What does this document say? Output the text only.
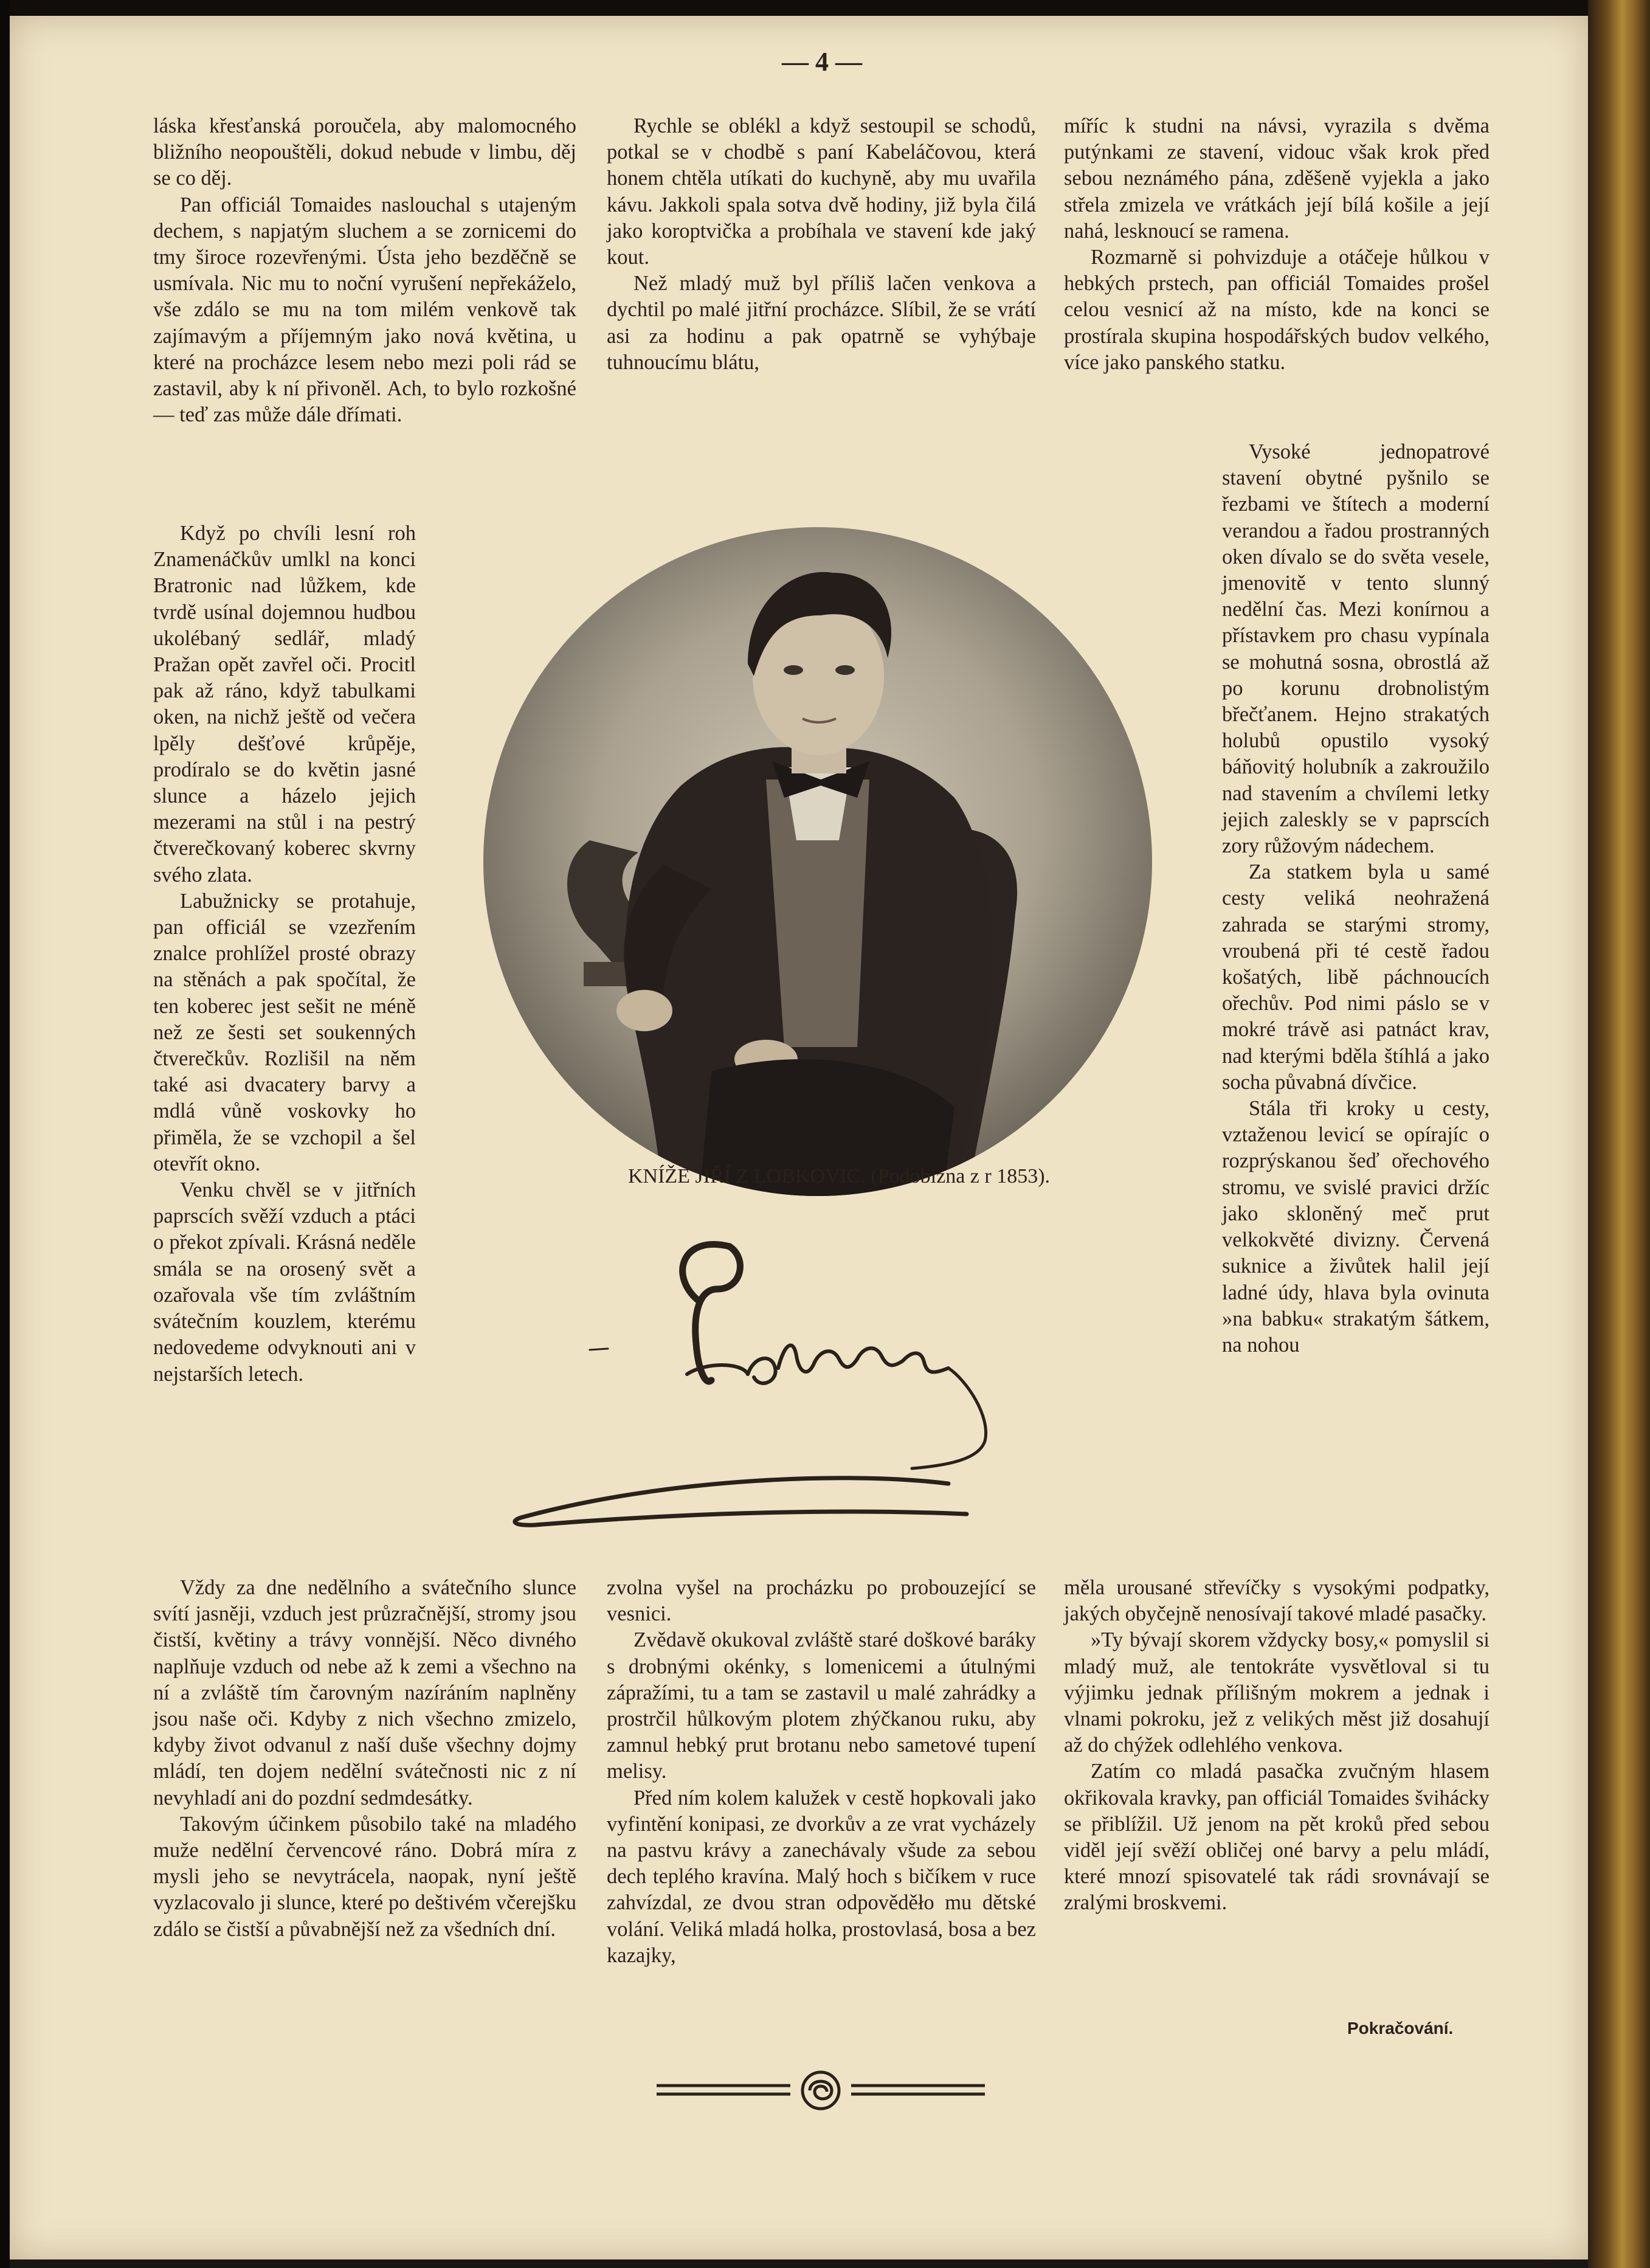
— 4 —

láska křesťanská poroučela, aby malomocného bližního neopouštěli, dokud nebude v limbu, děj se co děj.

Pan officiál Tomaides naslouchal s utajeným dechem, s napjatým sluchem a se zornicemi do tmy široce rozevřenými. Ústa jeho bezděčně se usmívala. Nic mu to noční vyrušení nepřekáželo, vše zdálo se mu na tom milém venkově tak zajímavým a příjemným jako nová květina, u které na procházce lesem nebo mezi poli rád se zastavil, aby k ní přivoněl. Ach, to bylo rozkošné — teď zas může dále dřímati.

Když po chvíli lesní roh Znamenáčkův umlkl na konci Bratronic nad lůžkem, kde tvrdě usínal dojemnou hudbou ukolébaný sedlář, mladý Pražan opět zavřel oči. Procitl pak až ráno, když tabulkami oken, na nichž ještě od večera lpěly dešťové krůpěje, prodíralo se do květin jasné slunce a házelo jejich mezerami na stůl i na pestrý čtverečkovaný koberec skvrny svého zlata.

Labužnicky se protahuje, pan officiál se vzezřením znalce prohlížel prosté obrazy na stěnách a pak spočítal, že ten koberec jest sešit ne méně než ze šesti set soukenných čtverečkův. Rozlišil na něm také asi dvacatery barvy a mdlá vůně voskovky ho přiměla, že se vzchopil a šel otevřít okno.

Venku chvěl se v jitřních paprscích svěží vzduch a ptáci o překot zpívali. Krásná neděle smála se na orosený svět a ozařovala vše tím zvláštním svátečním kouzlem, kterému nedovedeme odvyknouti ani v nejstarších letech.

Vždy za dne nedělního a svátečního slunce svítí jasněji, vzduch jest průzračnější, stromy jsou čistší, květiny a trávy vonnější. Něco divného naplňuje vzduch od nebe až k zemi a všechno na ní a zvláště tím čarovným nazíráním naplněny jsou naše oči. Kdyby z nich všechno zmizelo, kdyby život odvanul z naší duše všechny dojmy mládí, ten dojem nedělní svátečnosti nic z ní nevyhladí ani do pozdní sedmdesátky.

Takovým účinkem působilo také na mladého muže nedělní červencové ráno. Dobrá míra z mysli jeho se nevytrácela, naopak, nyní ještě vyzlacovalo ji slunce, které po deštivém včerejšku zdálo se čistší a půvabnější než za všedních dní.

Rychle se oblékl a když sestoupil se schodů, potkal se v chodbě s paní Kabeláčovou, která honem chtěla utíkati do kuchyně, aby mu uvařila kávu. Jakkoli spala sotva dvě hodiny, již byla čilá jako koroptvička a probíhala ve stavení kde jaký kout.

Než mladý muž byl příliš lačen venkova a dychtil po malé jitřní procházce. Slíbil, že se vrátí asi za hodinu a pak opatrně se vyhýbaje tuhnoucímu blátu,

zvolna vyšel na procházku po probouzející se vesnici.

Zvědavě okukoval zvláště staré doškové baráky s drobnými okénky, s lomenicemi a útulnými zápražími, tu a tam se zastavil u malé zahrádky a prostrčil hůlkovým plotem zhýčkanou ruku, aby zamnul hebký prut brotanu nebo sametové tupení melisy.

Před ním kolem kalužek v cestě hopkovali jako vyfintění konipasi, ze dvorkův a ze vrat vycházely na pastvu krávy a zanechávaly všude za sebou dech teplého kravína. Malý hoch s bičíkem v ruce zahvízdal, ze dvou stran odpověděło mu dětské volání. Veliká mladá holka, prostovlasá, bosa a bez kazajky,

míříc k studni na návsi, vyrazila s dvěma putýnkami ze stavení, vidouc však krok před sebou neznámého pána, zděšeně vyjekla a jako střela zmizela ve vrátkách její bílá košile a její nahá, lesknoucí se ramena.

Rozmarně si pohvizduje a otáčeje hůlkou v hebkých prstech, pan officiál Tomaides prošel celou vesnicí až na místo, kde na konci se prostírala skupina hospodářských budov velkého, více jako panského statku.

Vysoké jednopatrové stavení obytné pyšnilo se řezbami ve štítech a moderní verandou a řadou prostranných oken dívalo se do světa vesele, jmenovitě v tento slunný nedělní čas. Mezi konírnou a přístavkem pro chasu vypínala se mohutná sosna, obrostlá až po korunu drobnolistým břečťanem. Hejno strakatých holubů opustilo vysoký báňovitý holubník a zakroužilo nad stavením a chvílemi letky jejich zaleskly se v paprscích zory růžovým nádechem.

Za statkem byla u samé cesty veliká neohražená zahrada se starými stromy, vroubená při té cestě řadou košatých, libě páchnoucích ořechův. Pod nimi páslo se v mokré trávě asi patnáct krav, nad kterými bděla štíhlá a jako socha půvabná dívčice.

Stála tři kroky u cesty, vztaženou levicí se opírajíc o rozprýskanou šeď ořechového stromu, ve svislé pravici držíc jako skloněný meč prut velkokvěté divizny. Červená suknice a živůtek halil její ladné údy, hlava byla ovinuta »na babku« strakatým šátkem, na nohou

měla urousané střevíčky s vysokými podpatky, jakých obyčejně nenosívají takové mladé pasačky.

»Ty bývají skorem vždycky bosy,« pomyslil si mladý muž, ale tentokráte vysvětloval si tu výjimku jednak přílišným mokrem a jednak i vlnami pokroku, jež z velikých měst již dosahují až do chýžek odlehlého venkova.

Zatím co mladá pasačka zvučným hlasem okřikovala kravky, pan officiál Tomaides švihácky se přiblížil. Už jenom na pět kroků před sebou viděl její svěží obličej oné barvy a pelu mládí, které mnozí spisovatelé tak rádi srovnávají se zralými broskvemi.

KNÍŽE JIŘÍ Z LOBKOVIC. (Podobizna z r 1853).
Pokračování.
